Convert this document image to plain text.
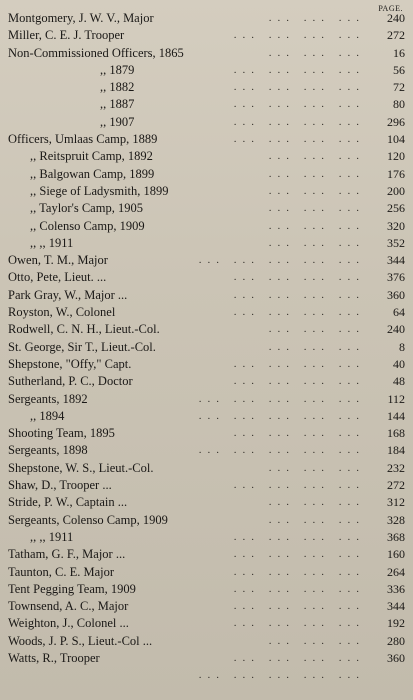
PAGE.
Montgomery, J. W. V., Major	... ... ...	240
Miller, C. E. J. Trooper	... ... ... ...	272
Non-Commissioned Officers, 1865	... ... ...	16
,, 1879	... ... ... ...	56
,, 1882	... ... ... ...	72
,, 1887	... ... ... ...	80
,, 1907	... ... ... ...	296
Officers, Umlaas Camp, 1889	... ... ... ...	104
,, Reitspruit Camp, 1892	... ... ...	120
,, Balgowan Camp, 1899	... ... ...	176
,, Siege of Ladysmith, 1899	... ... ...	200
,, Taylor's Camp, 1905	... ... ...	256
,, Colenso Camp, 1909	... ... ...	320
,, ,, 1911	... ... ...	352
Owen, T. M., Major	... ... ... ... ...	344
Otto, Pete, Lieut. ...	... ... ... ...	376
Park Gray, W., Major ...	... ... ... ...	360
Royston, W., Colonel	... ... ... ...	64
Rodwell, C. N. H., Lieut.-Col.	... ... ...	240
St. George, Sir T., Lieut.-Col.	... ... ...	8
Shepstone, "Offy," Capt.	... ... ... ...	40
Sutherland, P. C., Doctor	... ... ... ...	48
Sergeants, 1892	... ... ... ... ...	112
,, 1894	... ... ... ... ...	144
Shooting Team, 1895	... ... ... ...	168
Sergeants, 1898	... ... ... ... ...	184
Shepstone, W. S., Lieut.-Col.	... ... ...	232
Shaw, D., Trooper ...	... ... ... ...	272
Stride, P. W., Captain ...	... ... ...	312
Sergeants, Colenso Camp, 1909	... ... ...	328
,, ,, 1911	... ... ... ...	368
Tatham, G. F., Major ...	... ... ... ...	160
Taunton, C. E. Major	... ... ... ...	264
Tent Pegging Team, 1909	... ... ... ...	336
Townsend, A. C., Major	... ... ... ...	344
Weighton, J., Colonel ...	... ... ... ...	192
Woods, J. P. S., Lieut.-Col ...	... ... ...	280
Watts, R., Trooper	... ... ... ...	360
... ... ... ... ...
